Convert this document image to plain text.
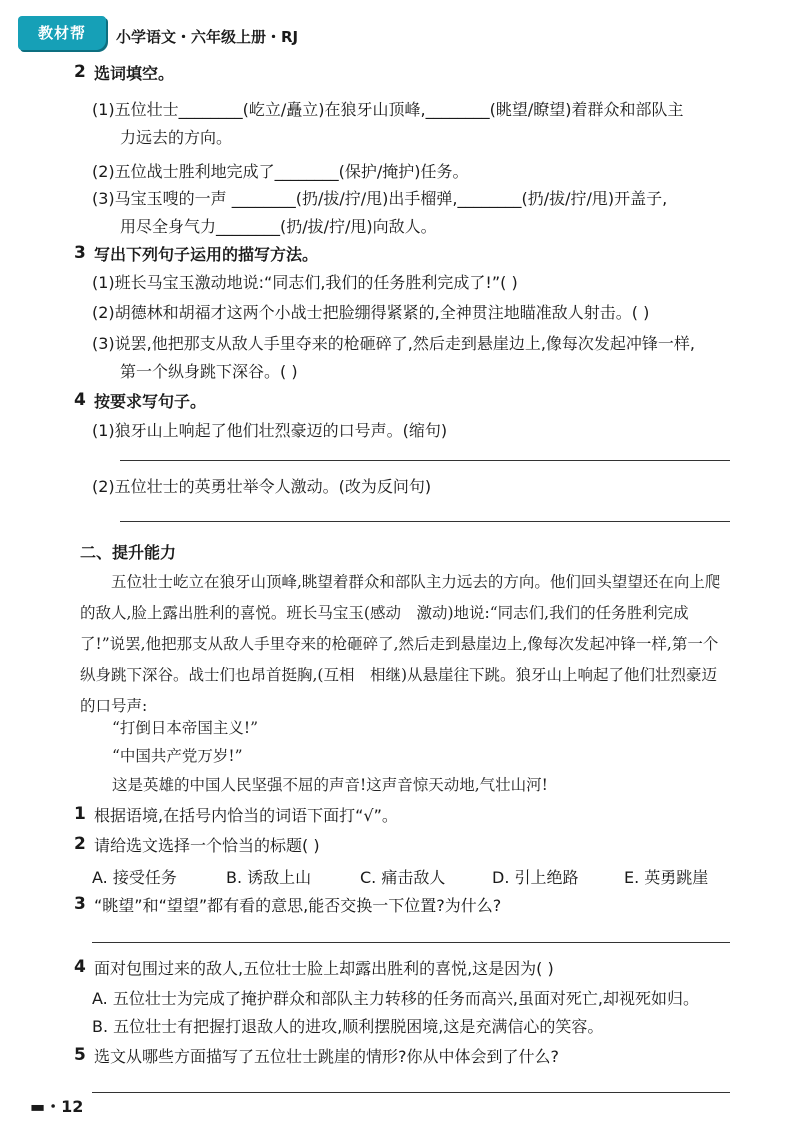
教材帮	小学语文・六年级上册・RJ
2 选词填空。
(1)五位壮士________(屹立/矗立)在狼牙山顶峰,________(眺望/瞭望)着群众和部队主
力远去的方向。
(2)五位战士胜利地完成了________(保护/掩护)任务。
(3)马宝玉嗖的一声 ________(扔/拔/拧/甩)出手榴弹,________(扔/拔/拧/甩)开盖子,
用尽全身气力________(扔/拔/拧/甩)向敌人。
3 写出下列句子运用的描写方法。
(1)班长马宝玉激动地说:“同志们,我们的任务胜利完成了!”( )
(2)胡德林和胡福才这两个小战士把脸绷得紧紧的,全神贯注地瞄准敌人射击。( )
(3)说罢,他把那支从敌人手里夺来的枪砸碎了,然后走到悬崖边上,像每次发起冲锋一样,
第一个纵身跳下深谷。( )
4 按要求写句子。
(1)狼牙山上响起了他们壮烈豪迈的口号声。(缩句)
(2)五位壮士的英勇壮举令人激动。(改为反问句)
二、提升能力

五位壮士屹立在狼牙山顶峰,眺望着群众和部队主力远去的方向。他们回头望望还在向上爬的敌人,脸上露出胜利的喜悦。班长马宝玉(感动　激动)地说:“同志们,我们的任务胜利完成了!”说罢,他把那支从敌人手里夺来的枪砸碎了,然后走到悬崖边上,像每次发起冲锋一样,第一个纵身跳下深谷。战士们也昂首挺胸,(互相　相继)从悬崖往下跳。狼牙山上响起了他们壮烈豪迈的口号声:

“打倒日本帝国主义!”
“中国共产党万岁!”
这是英雄的中国人民坚强不屈的声音!这声音惊天动地,气壮山河!
1 根据语境,在括号内恰当的词语下面打“√”。
2 请给选文选择一个恰当的标题( )
A. 接受任务	B. 诱敌上山	C. 痛击敌人	D. 引上绝路	E. 英勇跳崖
3 “眺望”和“望望”都有看的意思,能否交换一下位置?为什么?
4 面对包围过来的敌人,五位壮士脸上却露出胜利的喜悦,这是因为( )
A. 五位壮士为完成了掩护群众和部队主力转移的任务而高兴,虽面对死亡,却视死如归。
B. 五位壮士有把握打退敌人的进攻,顺利摆脱困境,这是充满信心的笑容。
5 选文从哪些方面描写了五位壮士跳崖的情形?你从中体会到了什么?
▬・12
